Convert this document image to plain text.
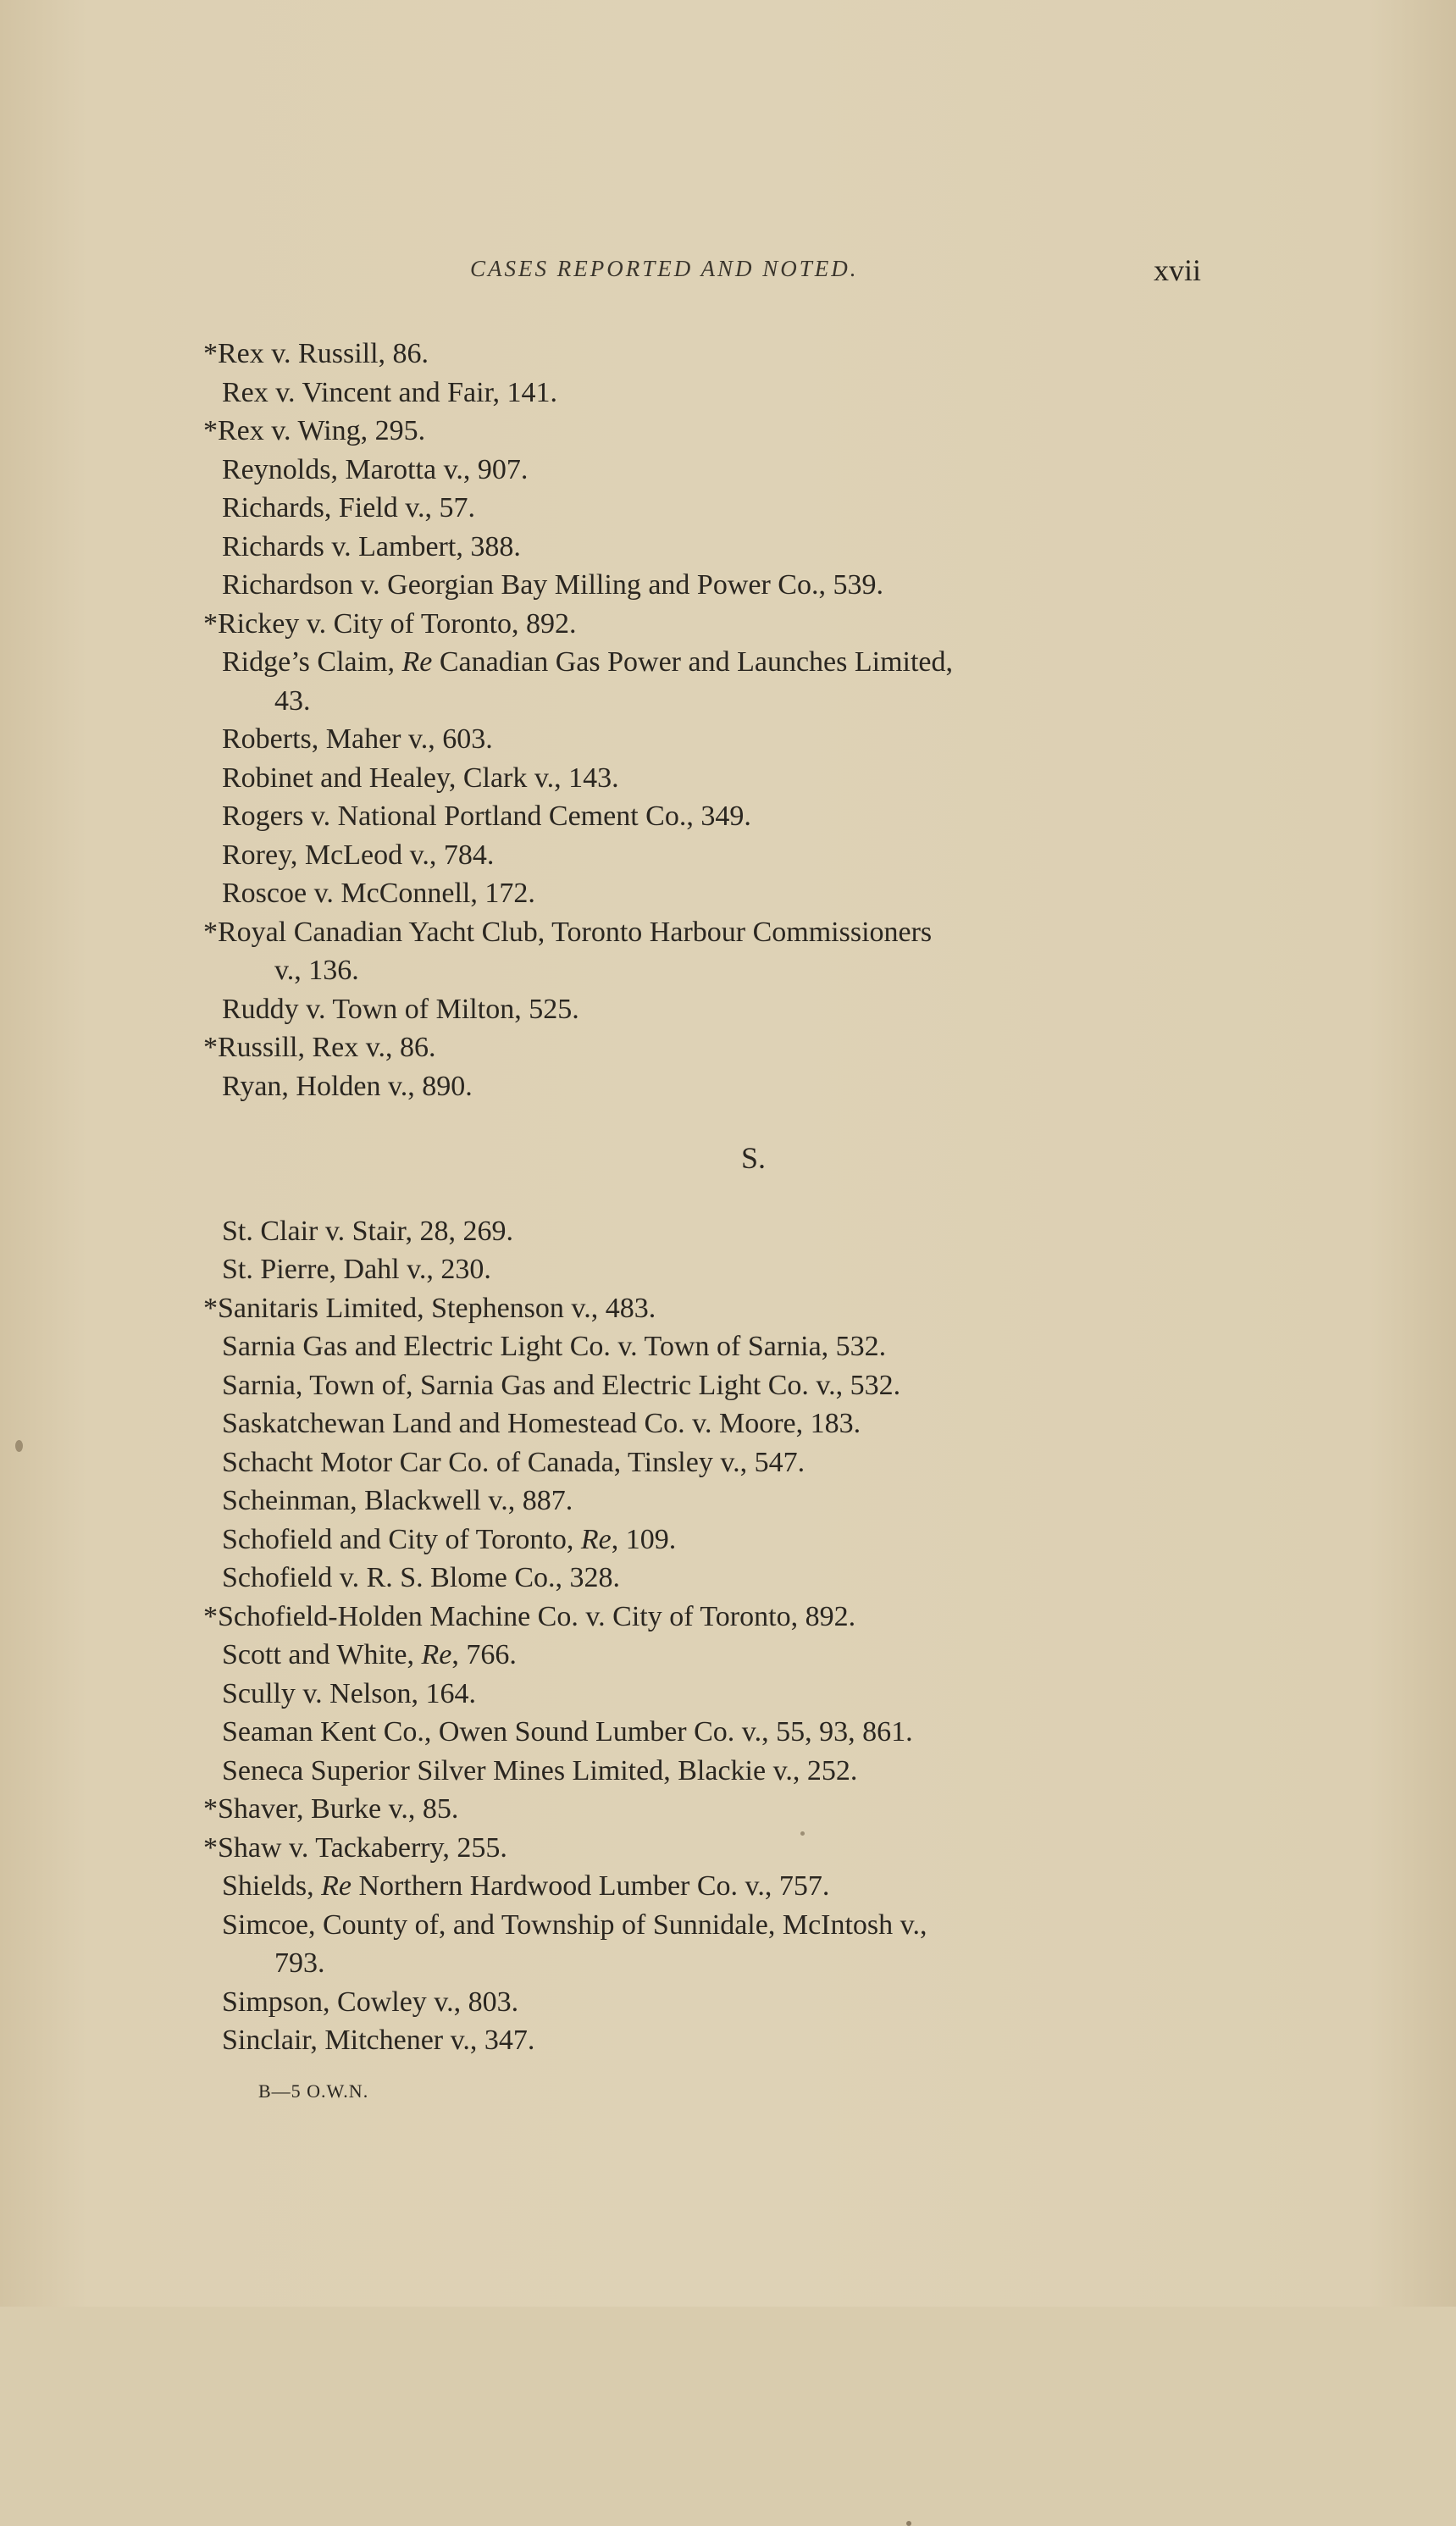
CASES REPORTED AND NOTED.	xvii
*Rex v. Russill, 86.
Rex v. Vincent and Fair, 141.
*Rex v. Wing, 295.
Reynolds, Marotta v., 907.
Richards, Field v., 57.
Richards v. Lambert, 388.
Richardson v. Georgian Bay Milling and Power Co., 539.
*Rickey v. City of Toronto, 892.
Ridge’s Claim, Re Canadian Gas Power and Launches Limited,
43.
Roberts, Maher v., 603.
Robinet and Healey, Clark v., 143.
Rogers v. National Portland Cement Co., 349.
Rorey, McLeod v., 784.
Roscoe v. McConnell, 172.
*Royal Canadian Yacht Club, Toronto Harbour Commissioners
v., 136.
Ruddy v. Town of Milton, 525.
*Russill, Rex v., 86.
Ryan, Holden v., 890.
S.
St. Clair v. Stair, 28, 269.
St. Pierre, Dahl v., 230.
*Sanitaris Limited, Stephenson v., 483.
Sarnia Gas and Electric Light Co. v. Town of Sarnia, 532.
Sarnia, Town of, Sarnia Gas and Electric Light Co. v., 532.
Saskatchewan Land and Homestead Co. v. Moore, 183.
Schacht Motor Car Co. of Canada, Tinsley v., 547.
Scheinman, Blackwell v., 887.
Schofield and City of Toronto, Re, 109.
Schofield v. R. S. Blome Co., 328.
*Schofield-Holden Machine Co. v. City of Toronto, 892.
Scott and White, Re, 766.
Scully v. Nelson, 164.
Seaman Kent Co., Owen Sound Lumber Co. v., 55, 93, 861.
Seneca Superior Silver Mines Limited, Blackie v., 252.
*Shaver, Burke v., 85.
*Shaw v. Tackaberry, 255.
Shields, Re Northern Hardwood Lumber Co. v., 757.
Simcoe, County of, and Township of Sunnidale, McIntosh v.,
793.
Simpson, Cowley v., 803.
Sinclair, Mitchener v., 347.
B—5 O.W.N.
